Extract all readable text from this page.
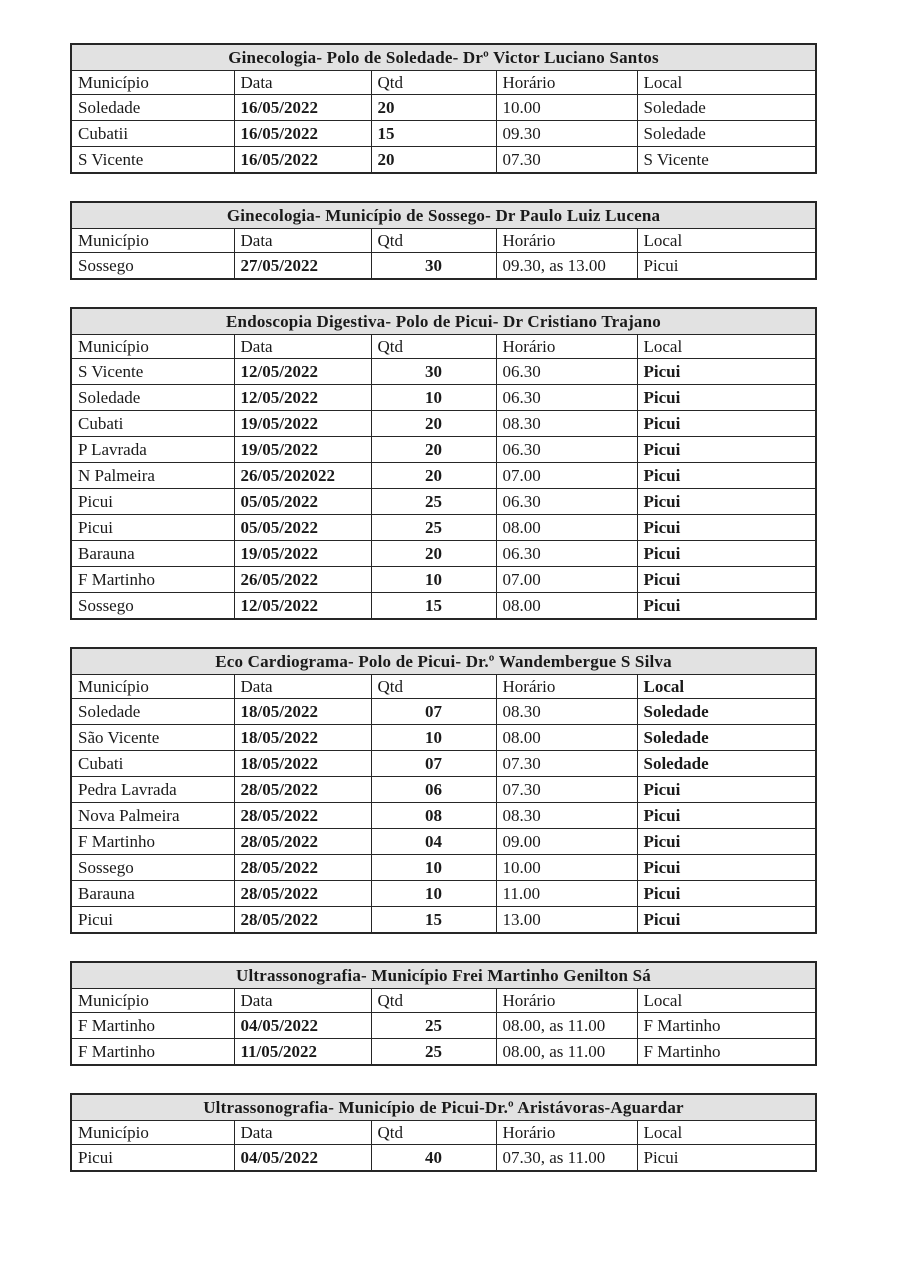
Ginecologia- Polo de Soledade- Drº Victor Luciano Santos				
Município	Data	Qtd	Horário	Local
Soledade	16/05/2022	20	10.00	Soledade
Cubatii	16/05/2022	15	09.30	Soledade
S Vicente	16/05/2022	20	07.30	S Vicente
Ginecologia- Município de Sossego- Dr Paulo Luiz Lucena				
Município	Data	Qtd	Horário	Local
Sossego	27/05/2022	30	09.30, as 13.00	Picui
Endoscopia Digestiva- Polo de Picui- Dr Cristiano Trajano				
Município	Data	Qtd	Horário	Local
S Vicente	12/05/2022	30	06.30	Picui
Soledade	12/05/2022	10	06.30	Picui
Cubati	19/05/2022	20	08.30	Picui
P Lavrada	19/05/2022	20	06.30	Picui
N Palmeira	26/05/202022	20	07.00	Picui
Picui	05/05/2022	25	06.30	Picui
Picui	05/05/2022	25	08.00	Picui
Barauna	19/05/2022	20	06.30	Picui
F Martinho	26/05/2022	10	07.00	Picui
Sossego	12/05/2022	15	08.00	Picui
Eco Cardiograma- Polo de Picui- Dr.º Wandembergue S Silva				
Município	Data	Qtd	Horário	Local
Soledade	18/05/2022	07	08.30	Soledade
São Vicente	18/05/2022	10	08.00	Soledade
Cubati	18/05/2022	07	07.30	Soledade
Pedra Lavrada	28/05/2022	06	07.30	Picui
Nova Palmeira	28/05/2022	08	08.30	Picui
F Martinho	28/05/2022	04	09.00	Picui
Sossego	28/05/2022	10	10.00	Picui
Barauna	28/05/2022	10	11.00	Picui
Picui	28/05/2022	15	13.00	Picui
Ultrassonografia- Município Frei Martinho Genilton Sá				
Município	Data	Qtd	Horário	Local
F Martinho	04/05/2022	25	08.00, as 11.00	F Martinho
F Martinho	11/05/2022	25	08.00, as 11.00	F Martinho
Ultrassonografia- Município de Picui-Dr.º Aristávoras-Aguardar				
Município	Data	Qtd	Horário	Local
Picui	04/05/2022	40	07.30, as 11.00	Picui
